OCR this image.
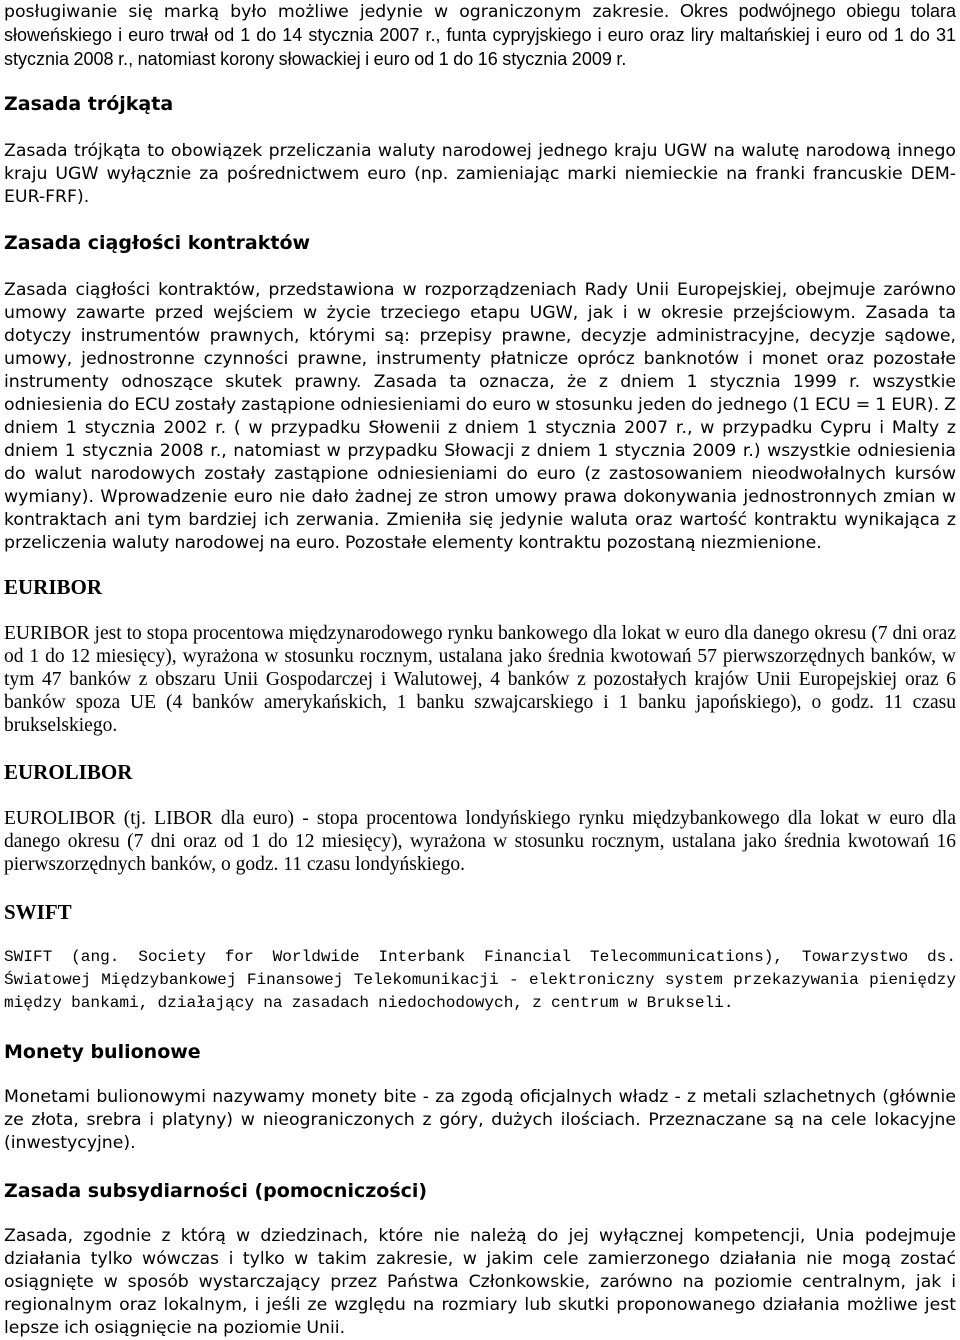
posługiwanie się marką było możliwe jedynie w ograniczonym zakresie. Okres podwójnego obiegu tolara słoweńskiego i euro trwał od 1 do 14 stycznia 2007 r., funta cypryjskiego i euro oraz liry maltańskiej i euro od 1 do 31 stycznia 2008 r., natomiast korony słowackiej i euro od 1 do 16 stycznia 2009 r.

Zasada trójkąta

Zasada trójkąta to obowiązek przeliczania waluty narodowej jednego kraju UGW na walutę narodową innego kraju UGW wyłącznie za pośrednictwem euro (np. zamieniając marki niemieckie na franki francuskie DEM-EUR-FRF).

Zasada ciągłości kontraktów

Zasada ciągłości kontraktów, przedstawiona w rozporządzeniach Rady Unii Europejskiej, obejmuje zarówno umowy zawarte przed wejściem w życie trzeciego etapu UGW, jak i w okresie przejściowym. Zasada ta dotyczy instrumentów prawnych, którymi są: przepisy prawne, decyzje administracyjne, decyzje sądowe, umowy, jednostronne czynności prawne, instrumenty płatnicze oprócz banknotów i monet oraz pozostałe instrumenty odnoszące skutek prawny. Zasada ta oznacza, że z dniem 1 stycznia 1999 r. wszystkie odniesienia do ECU zostały zastąpione odniesieniami do euro w stosunku jeden do jednego (1 ECU = 1 EUR). Z dniem 1 stycznia 2002 r. ( w przypadku Słowenii z dniem 1 stycznia 2007 r., w przypadku Cypru i Malty z dniem 1 stycznia 2008 r., natomiast w przypadku Słowacji z dniem 1 stycznia 2009 r.) wszystkie odniesienia do walut narodowych zostały zastąpione odniesieniami do euro (z zastosowaniem nieodwołalnych kursów wymiany). Wprowadzenie euro nie dało żadnej ze stron umowy prawa dokonywania jednostronnych zmian w kontraktach ani tym bardziej ich zerwania. Zmieniła się jedynie waluta oraz wartość kontraktu wynikająca z przeliczenia waluty narodowej na euro. Pozostałe elementy kontraktu pozostaną niezmienione.

EURIBOR

EURIBOR jest to stopa procentowa międzynarodowego rynku bankowego dla lokat w euro dla danego okresu (7 dni oraz od 1 do 12 miesięcy), wyrażona w stosunku rocznym, ustalana jako średnia kwotowań 57 pierwszorzędnych banków, w tym 47 banków z obszaru Unii Gospodarczej i Walutowej, 4 banków z pozostałych krajów Unii Europejskiej oraz 6 banków spoza UE (4 banków amerykańskich, 1 banku szwajcarskiego i 1 banku japońskiego), o godz. 11 czasu brukselskiego.

EUROLIBOR

EUROLIBOR (tj. LIBOR dla euro) - stopa procentowa londyńskiego rynku międzybankowego dla lokat w euro dla danego okresu (7 dni oraz od 1 do 12 miesięcy), wyrażona w stosunku rocznym, ustalana jako średnia kwotowań 16 pierwszorzędnych banków, o godz. 11 czasu londyńskiego.

SWIFT

SWIFT (ang. Society for Worldwide Interbank Financial Telecommunications), Towarzystwo ds. Światowej Międzybankowej Finansowej Telekomunikacji - elektroniczny system przekazywania pieniędzy między bankami, działający na zasadach niedochodowych, z centrum w Brukseli.

Monety bulionowe

Monetami bulionowymi nazywamy monety bite - za zgodą oficjalnych władz - z metali szlachetnych (głównie ze złota, srebra i platyny) w nieograniczonych z góry, dużych ilościach. Przeznaczane są na cele lokacyjne (inwestycyjne).

Zasada subsydiarności (pomocniczości)

Zasada, zgodnie z którą w dziedzinach, które nie należą do jej wyłącznej kompetencji, Unia podejmuje działania tylko wówczas i tylko w takim zakresie, w jakim cele zamierzonego działania nie mogą zostać osiągnięte w sposób wystarczający przez Państwa Członkowskie, zarówno na poziomie centralnym, jak i regionalnym oraz lokalnym, i jeśli ze względu na rozmiary lub skutki proponowanego działania możliwe jest lepsze ich osiągnięcie na poziomie Unii.
